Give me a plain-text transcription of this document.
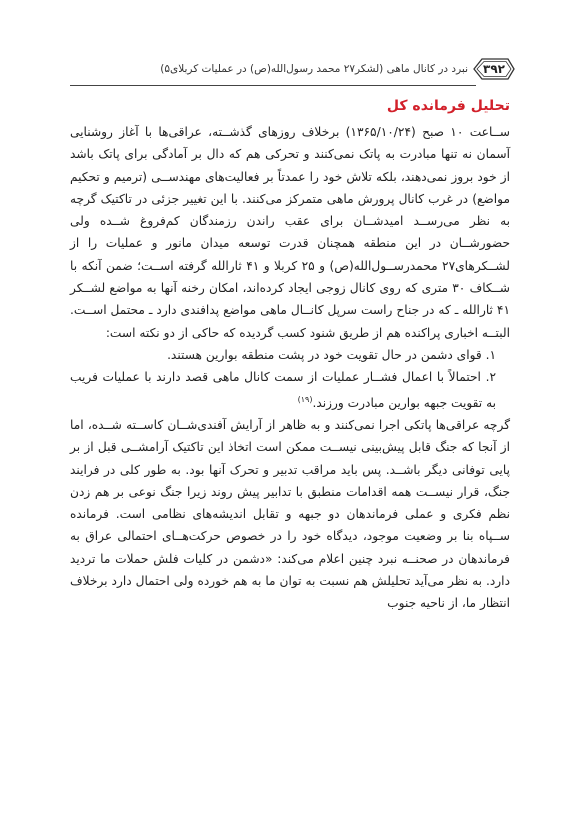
۳۹۲
نبرد در کانال ماهی (لشکر۲۷ محمد رسول‌الله(ص) در عملیات کربلای۵)
تحلیل فرمانده کل

ســاعت ۱۰ صبح (۱۳۶۵/۱۰/۲۴) برخلاف روزهای گذشــته، عراقی‌ها با آغاز روشنایی آسمان نه تنها مبادرت به پاتک نمی‌کنند و تحرکی هم که دال بر آمادگی برای پاتک باشد از خود بروز نمی‌دهند، بلکه تلاش خود را عمدتاً بر فعالیت‌های مهندســی (ترمیم و تحکیم مواضع) در غرب کانال پرورش ماهی متمرکز می‌کنند. با این تغییر جزئی در تاکتیک گرچه به نظر می‌رســد امیدشــان برای عقب راندن رزمندگان کم‌فروغ شــده ولی حضورشــان در این منطقه همچنان قدرت توسعه میدان مانور و عملیات را از لشــکرهای۲۷ محمدرســول‌الله(ص) و ۲۵ کربلا و ۴۱ ثارالله گرفته اســت؛ ضمن آنکه با شــکاف ۳۰ متری که روی کانال زوجی ایجاد کرده‌اند، امکان رخنه آنها به مواضع لشــکر ۴۱ ثارالله ـ که در جناح راست سرپل کانــال ماهی مواضع پدافندی دارد ـ محتمل اســت. البتــه اخباری پراکنده هم از طریق شنود کسب گردیده که حاکی از دو نکته است:

۱. قوای دشمن در حال تقویت خود در پشت منطقه بوارین هستند.
۲. احتمالاً با اعمال فشــار عملیات از سمت کانال ماهی قصد دارند با عملیات فریب به تقویت جبهه بوارین مبادرت ورزند.$^{(۱۹)}$

گرچه عراقی‌ها پاتکی اجرا نمی‌کنند و به ظاهر از آرایش آفندی‌شــان کاســته شــده، اما از آنجا که جنگ قابل پیش‌بینی نیســت ممکن است اتخاذ این تاکتیک آرامشــی قبل از بر پایی توفانی دیگر باشــد. پس باید مراقب تدبیر و تحرک آنها بود. به طور کلی در فرایند جنگ، قرار نیســت همه اقدامات منطبق با تدابیر پیش روند زیرا جنگ نوعی بر هم زدن نظم فکری و عملی فرماندهان دو جبهه و تقابل اندیشه‌های نظامی است. فرمانده ســپاه بنا بر وضعیت موجود، دیدگاه خود را در خصوص حرکت‌هــای احتمالی عراق به فرماندهان در صحنــه نبرد چنین اعلام می‌کند: «دشمن در کلیات فلش حملات ما تردید دارد. به نظر می‌آید تحلیلش هم نسبت به توان ما به هم خورده ولی احتمال دارد برخلاف انتظار ما، از ناحیه جنوب
